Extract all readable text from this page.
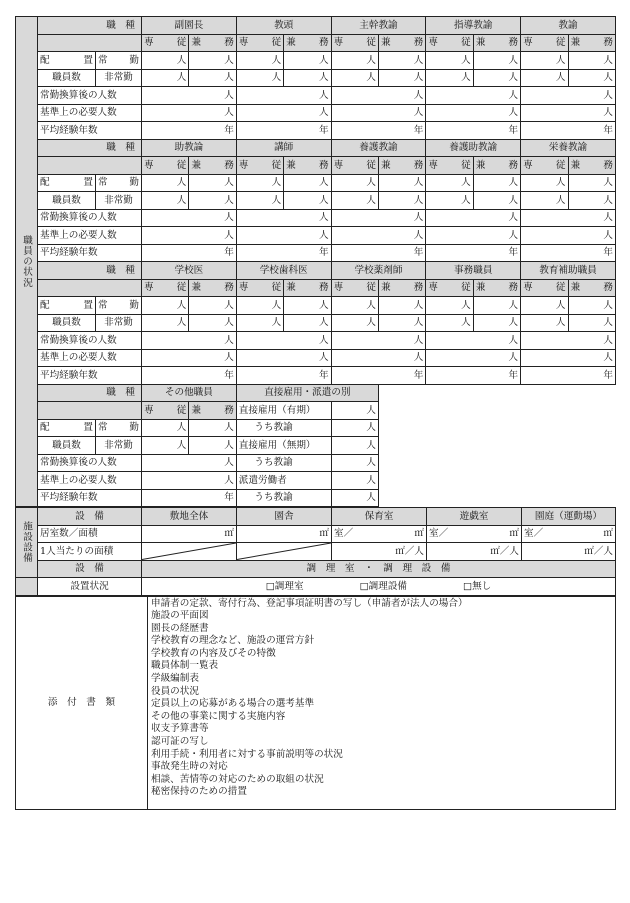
職員の状況	職　種		副園長		教頭		主幹教諭		指導教諭		教諭	

			専 従	兼 務	専 従	兼 務	専 従	兼 務	専 従	兼 務	専 従	兼 務

	配 置	常 勤	人	人	人	人	人	人	人	人	人	人
	職員数	非常勤	人	人	人	人	人	人	人	人	人	人
	常勤換算後の人数		人		人		人		人		人	
	基準上の必要人数		人		人		人		人		人	
	平均経験年数		年		年		年		年		年	

	職　種		助教論		講師		養護教諭		養護助教諭		栄養教諭	

			専 従	兼 務	専 従	兼 務	専 従	兼 務	専 従	兼 務	専 従	兼 務

	配 置	常 勤	人	人	人	人	人	人	人	人	人	人
	職員数	非常勤	人	人	人	人	人	人	人	人	人	人
	常勤換算後の人数		人		人		人		人		人	
	基準上の必要人数		人		人		人		人		人	
	平均経験年数		年		年		年		年		年	

	職　種		学校医		学校歯科医		学校薬剤師		事務職員		教育補助職員	

			専 従	兼 務	専 従	兼 務	専 従	兼 務	専 従	兼 務	専 従	兼 務

	配 置	常 勤	人	人	人	人	人	人	人	人	人	人
	職員数	非常勤	人	人	人	人	人	人	人	人	人	人
	常勤換算後の人数		人		人		人		人		人	
	基準上の必要人数		人		人		人		人		人	
	平均経験年数		年		年		年		年		年	

	職　種		その他職員		直接雇用・派遣の別							

			専 従	兼 務	直接雇用（有期）		人					

	配 置	常 勤	人	人	　うち教諭		人					
	職員数	非常勤	人	人	直接雇用（無期）		人					
	常勤換算後の人数		人		　うち教諭		人					
	基準上の必要人数		人		派遣労働者		人					
	平均経験年数		年		　うち教諭		人					
施設設備	設　備	敷地全体	園舎	保育室	遊戯室	園庭（運動場）
	居室数／面積	㎡	㎡	室／ ㎡	室／ ㎡	室／ ㎡

	1人当たりの面積			㎡／人	㎡／人	㎡／人
	設　備	調　理　室　・　調　理　設　備				
	設置状況	□調理室 □調理設備 □無し				
添　付　書　類	
申請者の定款、寄付行為、登記事項証明書の写し（申請者が法人の場合）
施設の平面図
園長の経歴書
学校教育の理念など、施設の運営方針
学校教育の内容及びその特徴
職員体制一覧表
学級編制表
役員の状況
定員以上の応募がある場合の選考基準
その他の事業に関する実施内容
収支予算書等
認可証の写し
利用手続・利用者に対する事前説明等の状況
事故発生時の対応
相談、苦情等の対応のための取組の状況
秘密保持のための措置
